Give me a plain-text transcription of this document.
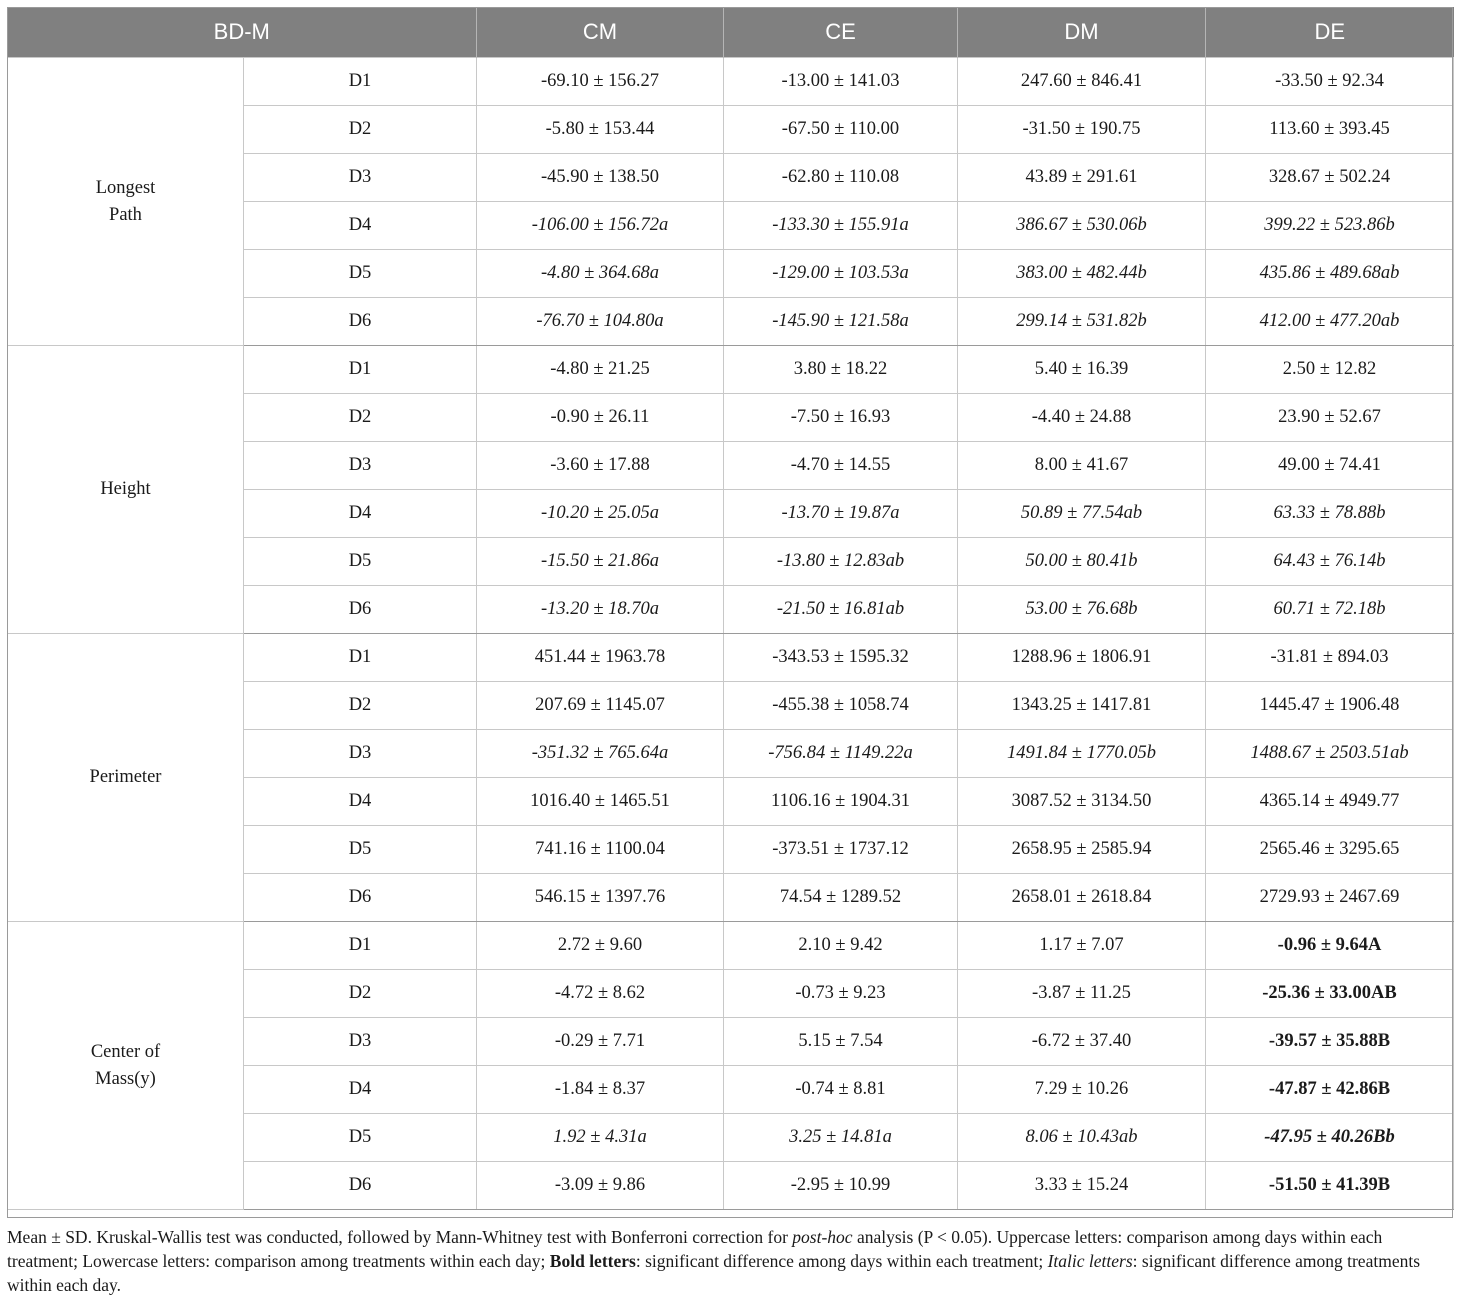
BD-M		CM	CE	DM	DE
Longest
Path	D1	-69.10 ± 156.27	-13.00 ± 141.03	247.60 ± 846.41	-33.50 ± 92.34
	D2	-5.80 ± 153.44	-67.50 ± 110.00	-31.50 ± 190.75	113.60 ± 393.45
	D3	-45.90 ± 138.50	-62.80 ± 110.08	43.89 ± 291.61	328.67 ± 502.24
	D4	-106.00 ± 156.72a	-133.30 ± 155.91a	386.67 ± 530.06b	399.22 ± 523.86b
	D5	-4.80 ± 364.68a	-129.00 ± 103.53a	383.00 ± 482.44b	435.86 ± 489.68ab
	D6	-76.70 ± 104.80a	-145.90 ± 121.58a	299.14 ± 531.82b	412.00 ± 477.20ab
Height	D1	-4.80 ± 21.25	3.80 ± 18.22	5.40 ± 16.39	2.50 ± 12.82
	D2	-0.90 ± 26.11	-7.50 ± 16.93	-4.40 ± 24.88	23.90 ± 52.67
	D3	-3.60 ± 17.88	-4.70 ± 14.55	8.00 ± 41.67	49.00 ± 74.41
	D4	-10.20 ± 25.05a	-13.70 ± 19.87a	50.89 ± 77.54ab	63.33 ± 78.88b
	D5	-15.50 ± 21.86a	-13.80 ± 12.83ab	50.00 ± 80.41b	64.43 ± 76.14b
	D6	-13.20 ± 18.70a	-21.50 ± 16.81ab	53.00 ± 76.68b	60.71 ± 72.18b
Perimeter	D1	451.44 ± 1963.78	-343.53 ± 1595.32	1288.96 ± 1806.91	-31.81 ± 894.03
	D2	207.69 ± 1145.07	-455.38 ± 1058.74	1343.25 ± 1417.81	1445.47 ± 1906.48
	D3	-351.32 ± 765.64a	-756.84 ± 1149.22a	1491.84 ± 1770.05b	1488.67 ± 2503.51ab
	D4	1016.40 ± 1465.51	1106.16 ± 1904.31	3087.52 ± 3134.50	4365.14 ± 4949.77
	D5	741.16 ± 1100.04	-373.51 ± 1737.12	2658.95 ± 2585.94	2565.46 ± 3295.65
	D6	546.15 ± 1397.76	74.54 ± 1289.52	2658.01 ± 2618.84	2729.93 ± 2467.69
Center of
Mass(y)	D1	2.72 ± 9.60	2.10 ± 9.42	1.17 ± 7.07	-0.96 ± 9.64A
	D2	-4.72 ± 8.62	-0.73 ± 9.23	-3.87 ± 11.25	-25.36 ± 33.00AB
	D3	-0.29 ± 7.71	5.15 ± 7.54	-6.72 ± 37.40	-39.57 ± 35.88B
	D4	-1.84 ± 8.37	-0.74 ± 8.81	7.29 ± 10.26	-47.87 ± 42.86B
	D5	1.92 ± 4.31a	3.25 ± 14.81a	8.06 ± 10.43ab	-47.95 ± 40.26Bb
	D6	-3.09 ± 9.86	-2.95 ± 10.99	3.33 ± 15.24	-51.50 ± 41.39B
Mean ± SD. Kruskal-Wallis test was conducted, followed by Mann-Whitney test with Bonferroni correction for post-hoc analysis (P < 0.05). Uppercase letters: comparison among days within each treatment; Lowercase letters: comparison among treatments within each day; Bold letters: significant difference among days within each treatment; Italic letters: significant difference among treatments within each day.
